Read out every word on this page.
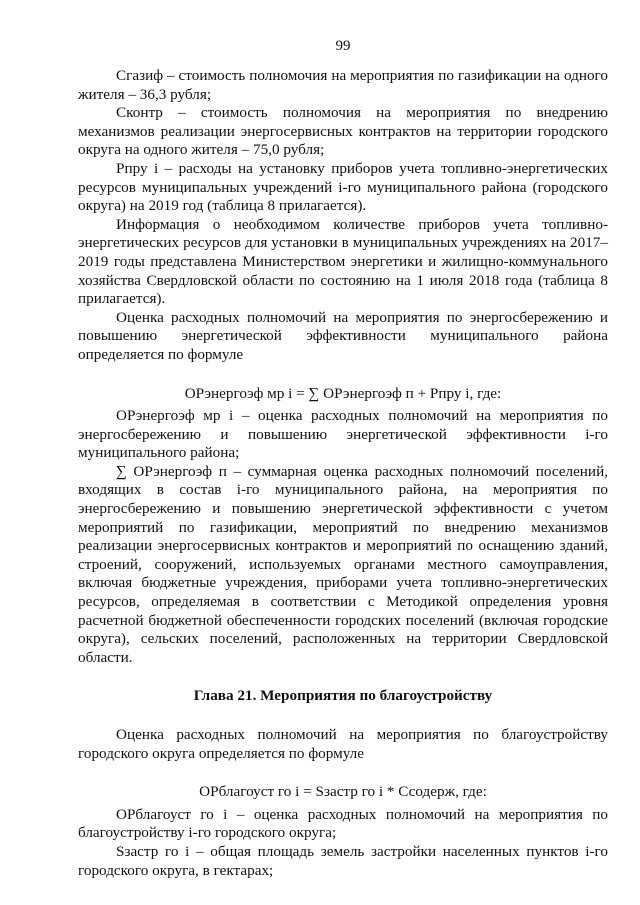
99

Сгазиф – стоимость полномочия на мероприятия по газификации на одного жителя – 36,3 рубля;

Сконтр – стоимость полномочия на мероприятия по внедрению механизмов реализации энергосервисных контрактов на территории городского округа на одного жителя – 75,0 рубля;

Рпру i – расходы на установку приборов учета топливно-энергетических ресурсов муниципальных учреждений i-го муниципального района (городского округа) на 2019 год (таблица 8 прилагается).

Информация о необходимом количестве приборов учета топливно-энергетических ресурсов для установки в муниципальных учреждениях на 2017–2019 годы представлена Министерством энергетики и жилищно-коммунального хозяйства Свердловской области по состоянию на 1 июля 2018 года (таблица 8 прилагается).

Оценка расходных полномочий на мероприятия по энергосбережению и повышению энергетической эффективности муниципального района определяется по формуле

ОРэнергоэф мр i = ∑ ОРэнергоэф п + Рпру i, где:

ОРэнергоэф мр i – оценка расходных полномочий на мероприятия по энергосбережению и повышению энергетической эффективности i-го муниципального района;

∑ ОРэнергоэф п – суммарная оценка расходных полномочий поселений, входящих в состав i-го муниципального района, на мероприятия по энергосбережению и повышению энергетической эффективности с учетом мероприятий по газификации, мероприятий по внедрению механизмов реализации энергосервисных контрактов и мероприятий по оснащению зданий, строений, сооружений, используемых органами местного самоуправления, включая бюджетные учреждения, приборами учета топливно-энергетических ресурсов, определяемая в соответствии с Методикой определения уровня расчетной бюджетной обеспеченности городских поселений (включая городские округа), сельских поселений, расположенных на территории Свердловской области.

Глава 21. Мероприятия по благоустройству

Оценка расходных полномочий на мероприятия по благоустройству городского округа определяется по формуле

ОРблагоуст го i = Sзастр го i * Ссодерж, где:

ОРблагоуст го i – оценка расходных полномочий на мероприятия по благоустройству i-го городского округа;

Sзастр го i – общая площадь земель застройки населенных пунктов i-го городского округа, в гектарах;
